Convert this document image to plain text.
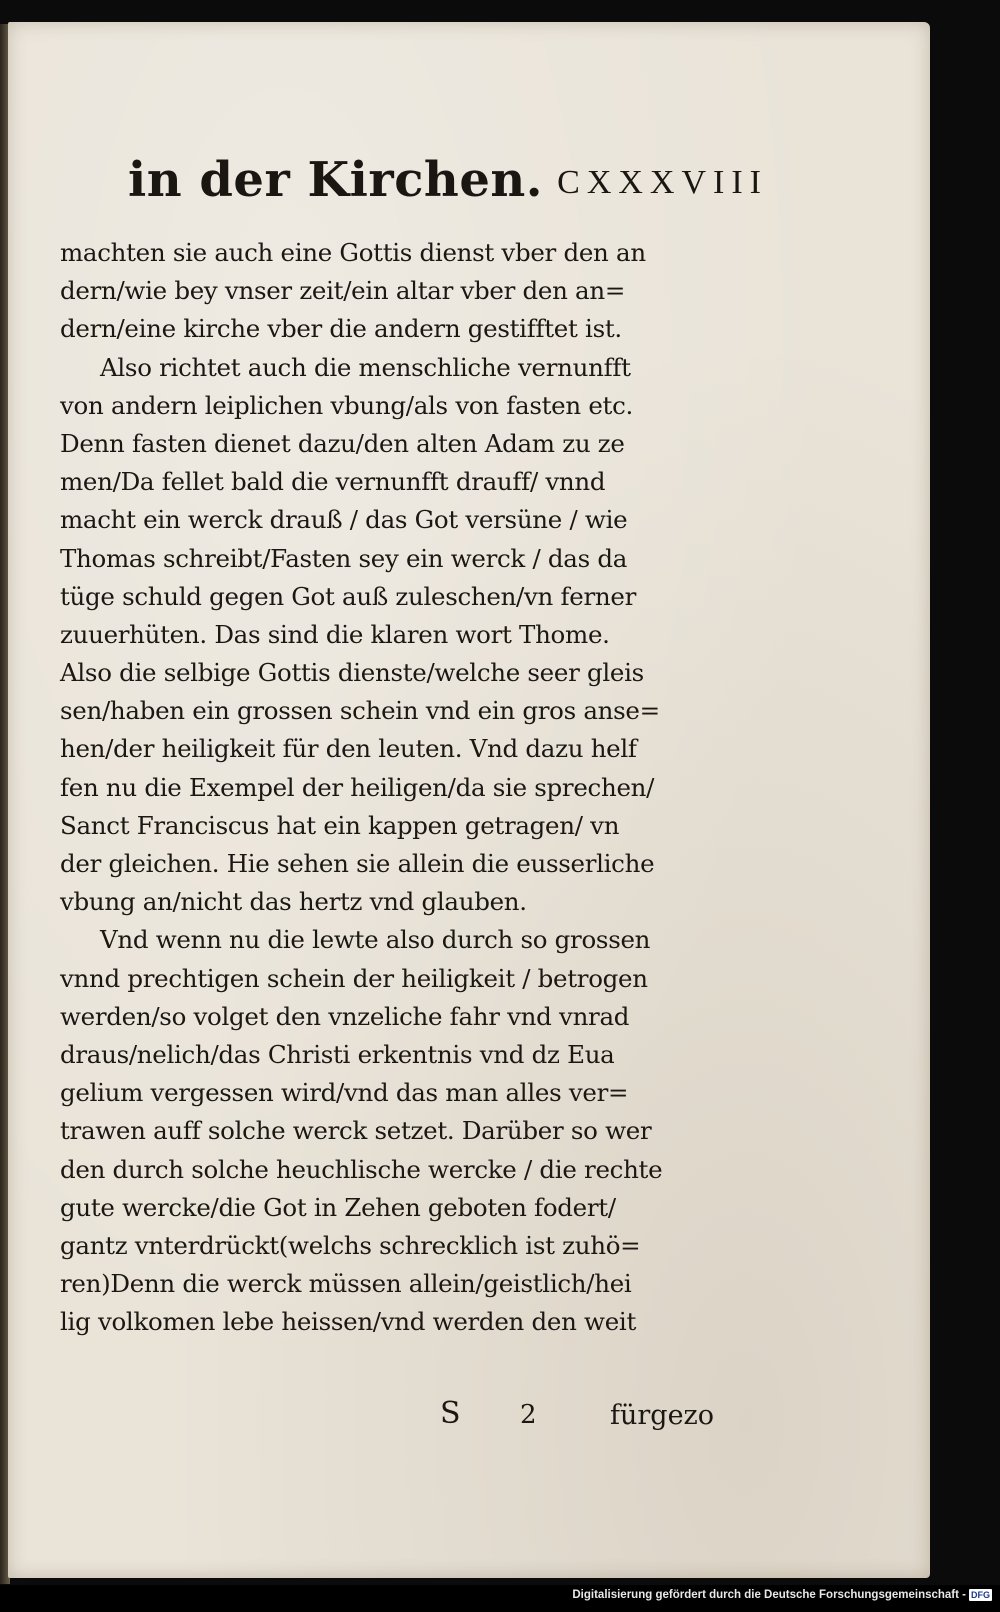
in der Kirchen. CXXXVIII
machten sie auch eine Gottis dienst vber den an
dern/wie bey vnser zeit/ein altar vber den an=
dern/eine kirche vber die andern gestifftet ist.
Also richtet auch die menschliche vernunfft
von andern leiplichen vbung/als von fasten etc.
Denn fasten dienet dazu/den alten Adam zu ze
men/Da fellet bald die vernunfft drauff/ vnnd
macht ein werck drauß / das Got versüne / wie
Thomas schreibt/Fasten sey ein werck / das da
tüge schuld gegen Got auß zuleschen/vn ferner
zuuerhüten. Das sind die klaren wort Thome.
Also die selbige Gottis dienste/welche seer gleis
sen/haben ein grossen schein vnd ein gros anse=
hen/der heiligkeit für den leuten. Vnd dazu helf
fen nu die Exempel der heiligen/da sie sprechen/
Sanct Franciscus hat ein kappen getragen/ vn
der gleichen. Hie sehen sie allein die eusserliche
vbung an/nicht das hertz vnd glauben.
Vnd wenn nu die lewte also durch so grossen
vnnd prechtigen schein der heiligkeit / betrogen
werden/so volget den vnzeliche fahr vnd vnrad
draus/nelich/das Christi erkentnis vnd dz Eua
gelium vergessen wird/vnd das man alles ver=
trawen auff solche werck setzet. Darüber so wer
den durch solche heuchlische wercke / die rechte
gute wercke/die Got in Zehen geboten fodert/
gantz vnterdrückt(welchs schrecklich ist zuhö=
ren)Denn die werck müssen allein/geistlich/hei
lig volkomen lebe heissen/vnd werden den weit
S 2	fürgezo
Digitalisierung gefördert durch die Deutsche Forschungsgemeinschaft - DFG
